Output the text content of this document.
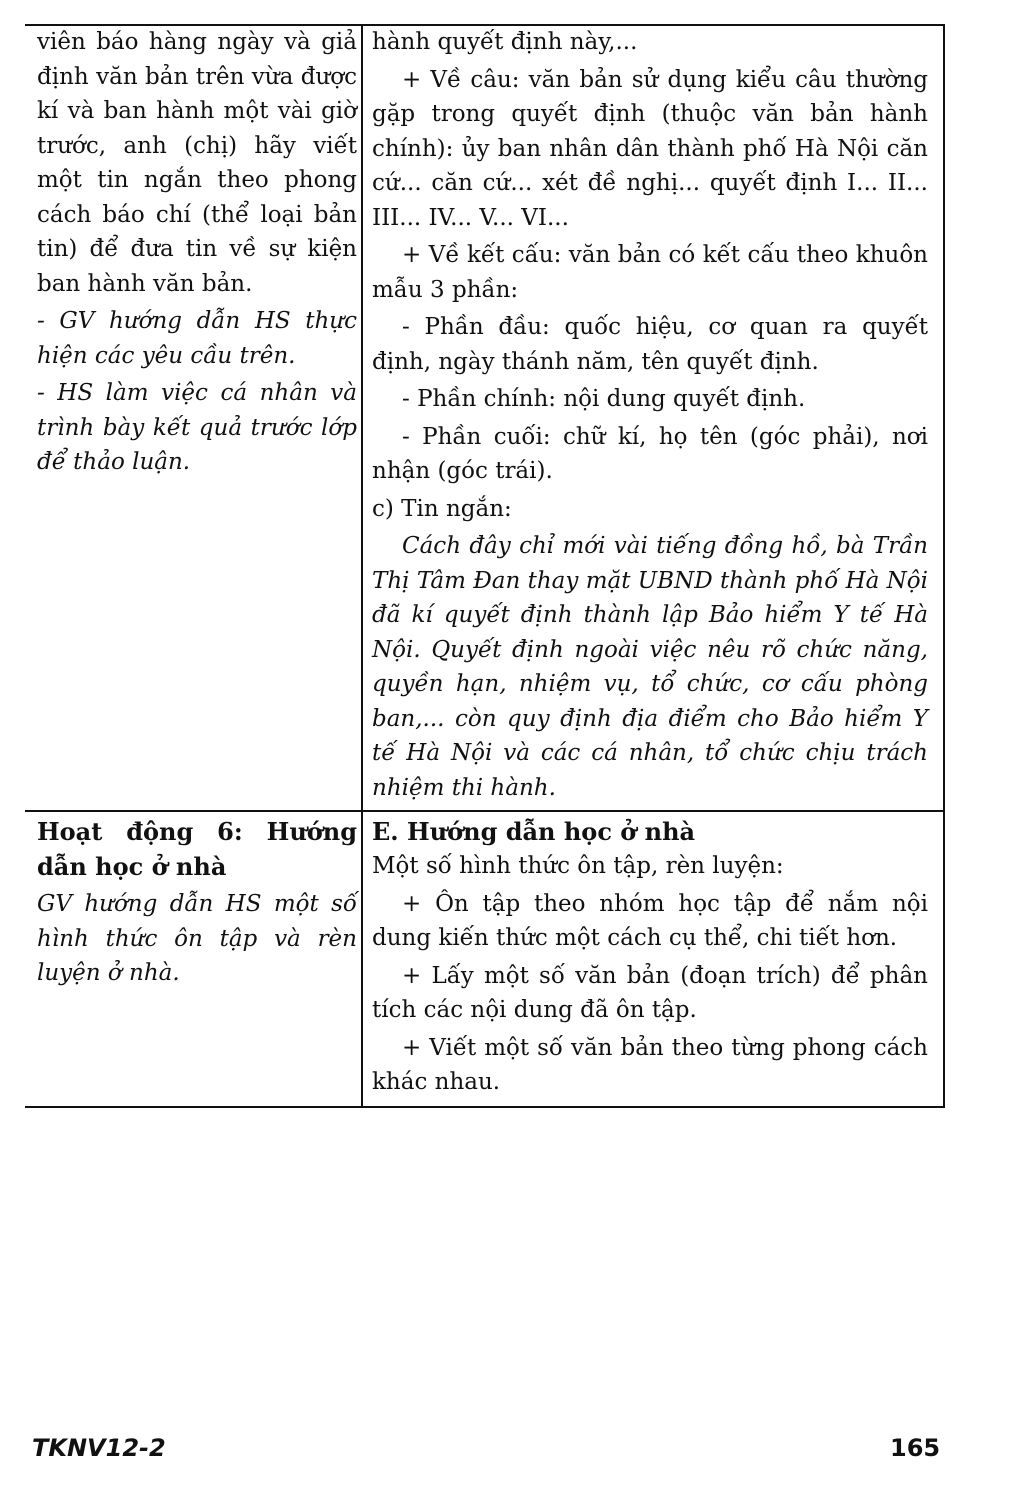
viên báo hàng ngày và giả định văn bản trên vừa được kí và ban hành một vài giờ trước, anh (chị) hãy viết một tin ngắn theo phong cách báo chí (thể loại bản tin) để đưa tin về sự kiện ban hành văn bản.

- GV hướng dẫn HS thực hiện các yêu cầu trên.

- HS làm việc cá nhân và trình bày kết quả trước lớp để thảo luận.

hành quyết định này,...

+ Về câu: văn bản sử dụng kiểu câu thường gặp trong quyết định (thuộc văn bản hành chính): ủy ban nhân dân thành phố Hà Nội căn cứ... căn cứ... xét đề nghị... quyết định I... II... III... IV... V... VI...

+ Về kết cấu: văn bản có kết cấu theo khuôn mẫu 3 phần:

- Phần đầu: quốc hiệu, cơ quan ra quyết định, ngày thánh năm, tên quyết định.

- Phần chính: nội dung quyết định.

- Phần cuối: chữ kí, họ tên (góc phải), nơi nhận (góc trái).

c) Tin ngắn:

Cách đây chỉ mới vài tiếng đồng hồ, bà Trần Thị Tâm Đan thay mặt UBND thành phố Hà Nội đã kí quyết định thành lập Bảo hiểm Y tế Hà Nội. Quyết định ngoài việc nêu rõ chức năng, quyền hạn, nhiệm vụ, tổ chức, cơ cấu phòng ban,... còn quy định địa điểm cho Bảo hiểm Y tế Hà Nội và các cá nhân, tổ chức chịu trách nhiệm thi hành.

Hoạt động 6: Hướng dẫn học ở nhà

GV hướng dẫn HS một số hình thức ôn tập và rèn luyện ở nhà.

E. Hướng dẫn học ở nhà

Một số hình thức ôn tập, rèn luyện:

+ Ôn tập theo nhóm học tập để nắm nội dung kiến thức một cách cụ thể, chi tiết hơn.

+ Lấy một số văn bản (đoạn trích) để phân tích các nội dung đã ôn tập.

+ Viết một số văn bản theo từng phong cách khác nhau.

TKNV12-2	165
